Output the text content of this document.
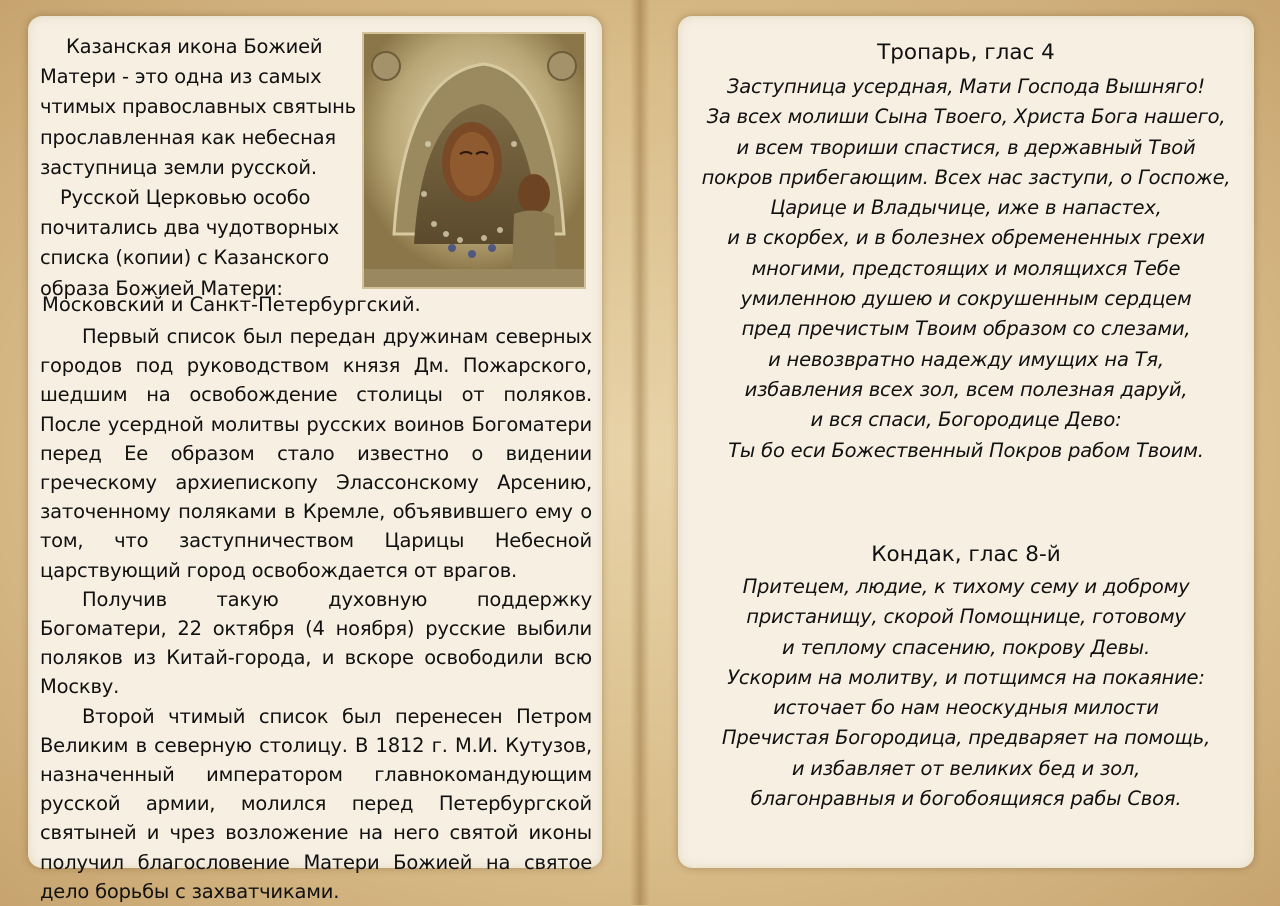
Казанская икона Божией
Матери - это одна из самых
чтимых православных святынь
прославленная как небесная
заступница земли русской.
Русской Церковью особо
почитались два чудотворных
списка (копии) с Казанского
образа Божией Матери:
Московский и Санкт-Петербургский.

Первый список был передан дружинам северных городов под руководством князя Дм. Пожарского, шедшим на освобождение столицы от поляков. После усердной молитвы русских воинов Богоматери перед Ее образом стало известно о видении греческому архиепископу Элассонскому Арсению, заточенному поляками в Кремле, объявившего ему о том, что заступничеством Царицы Небесной царствующий город освобождается от врагов.

Получив такую духовную поддержку Богоматери, 22 октября (4 ноября) русские выбили поляков из Китай-города, и вскоре освободили всю Москву.

Второй чтимый список был перенесен Петром Великим в северную столицу. В 1812 г. М.И. Кутузов, назначенный императором главнокомандующим русской армии, молился перед Петербургской святыней и чрез возложение на него святой иконы получил благословение Матери Божией на святое дело борьбы с захватчиками.

Тропарь, глас 4
Заступница усердная, Мати Господа Вышняго!
За всех молиши Сына Твоего, Христа Бога нашего,
и всем твориши спастися, в державный Твой
покров прибегающим. Всех нас заступи, о Госпоже,
Царице и Владычице, иже в напастех,
и в скорбех, и в болезнех обремененных грехи
многими, предстоящих и молящихся Тебе
умиленною душею и сокрушенным сердцем
пред пречистым Твоим образом со слезами,
и невозвратно надежду имущих на Тя,
избавления всех зол, всем полезная даруй,
и вся спаси, Богородице Дево:
Ты бо еси Божественный Покров рабом Твоим.
Кондак, глас 8-й
Притецем, людие, к тихому сему и доброму
пристанищу, скорой Помощнице, готовому
и теплому спасению, покрову Девы.
Ускорим на молитву, и потщимся на покаяние:
источает бо нам неоскудныя милости
Пречистая Богородица, предваряет на помощь,
и избавляет от великих бед и зол,
благонравныя и богобоящияся рабы Своя.
